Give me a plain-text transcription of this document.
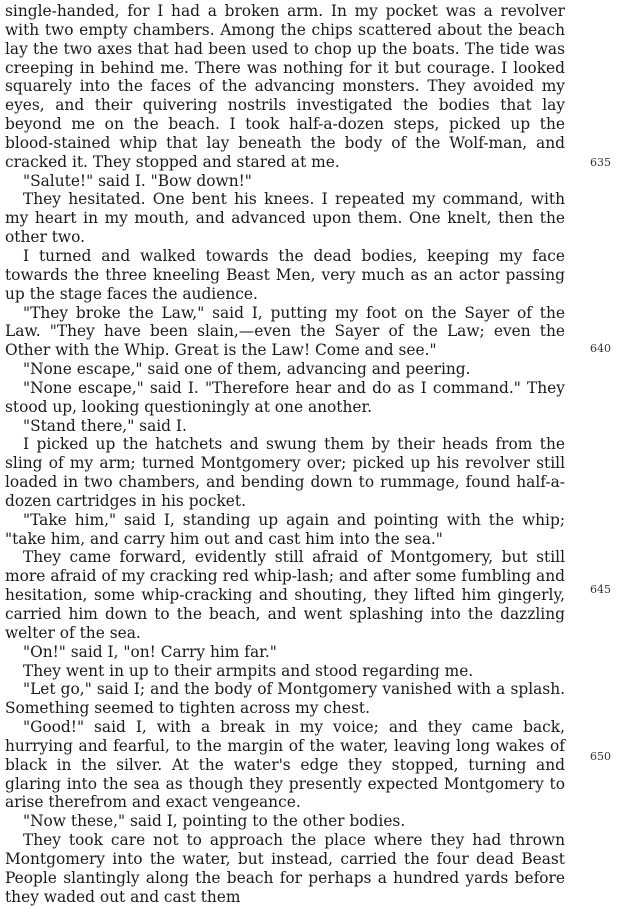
single-handed, for I had a broken arm. In my pocket was a revolver with two empty chambers. Among the chips scattered about the beach lay the two axes that had been used to chop up the boats. The tide was creeping in behind me. There was nothing for it but courage. I looked squarely into the faces of the advancing monsters. They avoided my eyes, and their quivering nostrils investigated the bodies that lay beyond me on the beach. I took half-a-dozen steps, picked up the blood-stained whip that lay beneath the body of the Wolf-man, and cracked it. They stopped and stared at me.

"Salute!" said I. "Bow down!"

They hesitated. One bent his knees. I repeated my command, with my heart in my mouth, and advanced upon them. One knelt, then the other two.

I turned and walked towards the dead bodies, keeping my face towards the three kneeling Beast Men, very much as an actor passing up the stage faces the audience.

"They broke the Law," said I, putting my foot on the Sayer of the Law. "They have been slain,—even the Sayer of the Law; even the Other with the Whip. Great is the Law! Come and see."

"None escape," said one of them, advancing and peering.

"None escape," said I. "Therefore hear and do as I command." They stood up, looking questioningly at one another.

"Stand there," said I.

I picked up the hatchets and swung them by their heads from the sling of my arm; turned Montgomery over; picked up his revolver still loaded in two chambers, and bending down to rummage, found half-a-dozen cartridges in his pocket.

"Take him," said I, standing up again and pointing with the whip; "take him, and carry him out and cast him into the sea."

They came forward, evidently still afraid of Montgomery, but still more afraid of my cracking red whip-lash; and after some fumbling and hesitation, some whip-cracking and shouting, they lifted him gingerly, carried him down to the beach, and went splashing into the dazzling welter of the sea.

"On!" said I, "on! Carry him far."

They went in up to their armpits and stood regarding me.

"Let go," said I; and the body of Montgomery vanished with a splash. Something seemed to tighten across my chest.

"Good!" said I, with a break in my voice; and they came back, hurrying and fearful, to the margin of the water, leaving long wakes of black in the silver. At the water's edge they stopped, turning and glaring into the sea as though they presently expected Montgomery to arise therefrom and exact vengeance.

"Now these," said I, pointing to the other bodies.

They took care not to approach the place where they had thrown Montgomery into the water, but instead, carried the four dead Beast People slantingly along the beach for perhaps a hundred yards before they waded out and cast them

635
640
645
650
